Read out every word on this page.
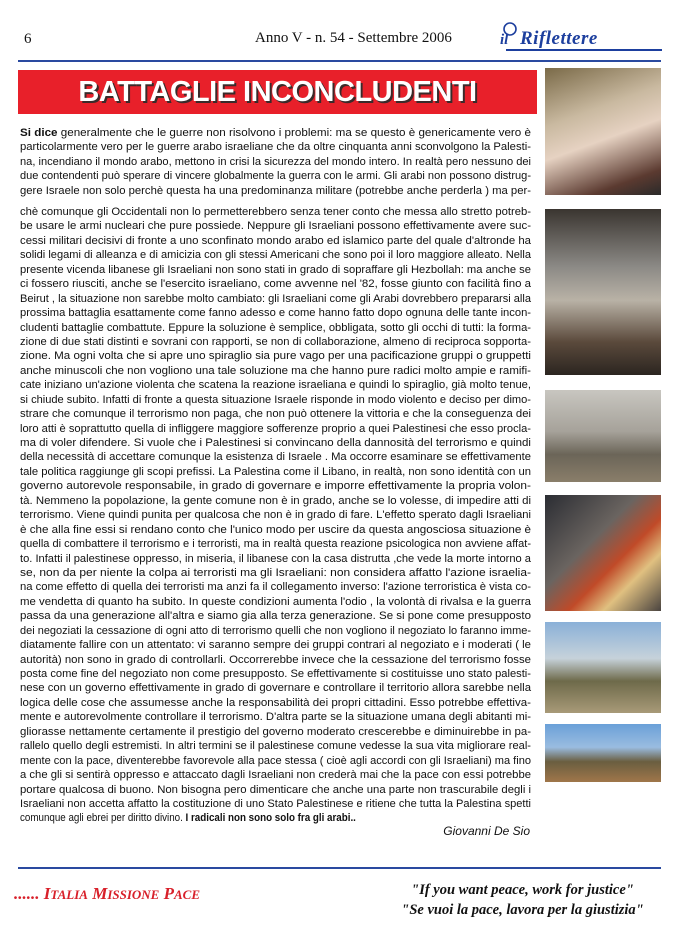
6	Anno V - n. 54 - Settembre 2006	il Riflettere
BATTAGLIE INCONCLUDENTI
Si dice generalmente che le guerre non risolvono i problemi: ma se questo è genericamente vero è
particolarmente vero per le guerre arabo israeliane che da oltre cinquanta anni sconvolgono la Palesti-
na, incendiano il mondo arabo, mettono in crisi la sicurezza del mondo intero. In realtà pero nessuno dei
due contendenti può sperare di vincere globalmente la guerra con le armi. Gli arabi non possono distrug-
gere Israele non solo perchè questa ha una predominanza militare (potrebbe anche perderla ) ma per-
chè comunque gli Occidentali non lo permetterebbero senza tener conto che messa allo stretto potreb-
be usare le armi nucleari che pure possiede. Neppure gli Israeliani possono effettivamente avere suc-
cessi militari decisivi di fronte a uno sconfinato mondo arabo ed islamico parte del quale d'altronde ha
solidi legami di alleanza e di amicizia con gli stessi Americani che sono poi il loro maggiore alleato. Nella
presente vicenda libanese gli Israeliani non sono stati in grado di sopraffare gli Hezbollah: ma anche se
ci fossero riusciti, anche se l'esercito israeliano, come avvenne nel '82, fosse giunto con facilità fino a
Beirut , la situazione non sarebbe molto cambiato: gli Israeliani come gli Arabi dovrebbero prepararsi alla
prossima battaglia esattamente come fanno adesso e come hanno fatto dopo ognuna delle tante incon-
cludenti battaglie combattute. Eppure la soluzione è semplice, obbligata, sotto gli occhi di tutti: la forma-
zione di due stati distinti e sovrani con rapporti, se non di collaborazione, almeno di reciproca sopporta-
zione. Ma ogni volta che si apre uno spiraglio sia pure vago per una pacificazione gruppi o gruppetti
anche minuscoli che non vogliono una tale soluzione ma che hanno pure radici molto ampie e ramifi-
cate iniziano un'azione violenta che scatena la reazione israeliana e quindi lo spiraglio, già molto tenue,
si chiude subito. Infatti di fronte a questa situazione Israele risponde in modo violento e deciso per dimo-
strare che comunque il terrorismo non paga, che non può ottenere la vittoria e che la conseguenza dei
loro atti è soprattutto quella di infliggere maggiore sofferenze proprio a quei Palestinesi che esso procla-
ma di voler difendere. Si vuole che i Palestinesi si convincano della dannosità del terrorismo e quindi
della necessità di accettare comunque la esistenza di Israele . Ma occorre esaminare se effettivamente
tale politica raggiunge gli scopi prefissi. La Palestina come il Libano, in realtà, non sono identità con un
governo autorevole responsabile, in grado di governare e imporre effettivamente la propria volon-
tà. Nemmeno la popolazione, la gente comune non è in grado, anche se lo volesse, di impedire atti di
terrorismo. Viene quindi punita per qualcosa che non è in grado di fare. L'effetto sperato dagli Israeliani
è che alla fine essi si rendano conto che l'unico modo per uscire da questa angosciosa situazione è
quella di combattere il terrorismo e i terroristi, ma in realtà questa reazione psicologica non avviene affat-
to. Infatti il palestinese oppresso, in miseria, il libanese con la casa distrutta ,che vede la morte intorno a
se, non da per niente la colpa ai terroristi ma gli Israeliani: non considera affatto l'azione israelia-
na come effetto di quella dei terroristi ma anzi fa il collegamento inverso: l'azione terroristica è vista co-
me vendetta di quanto ha subito. In queste condizioni aumenta l'odio , la volontà di rivalsa e la guerra
passa da una generazione all'altra e siamo gia alla terza generazione. Se si pone come presupposto
dei negoziati la cessazione di ogni atto di terrorismo quelli che non vogliono il negoziato lo faranno imme-
diatamente fallire con un attentato: vi saranno sempre dei gruppi contrari al negoziato e i moderati ( le
autorità) non sono in grado di controllarli. Occorrerebbe invece che la cessazione del terrorismo fosse
posta come fine del negoziato non come presupposto. Se effettivamente si costituisse uno stato palesti-
nese con un governo effettivamente in grado di governare e controllare il territorio allora sarebbe nella
logica delle cose che assumesse anche la responsabilità dei propri cittadini. Esso potrebbe effettiva-
mente e autorevolmente controllare il terrorismo. D'altra parte se la situazione umana degli abitanti mi-
gliorasse nettamente certamente il prestigio del governo moderato crescerebbe e diminuirebbe in pa-
rallelo quello degli estremisti. In altri termini se il palestinese comune vedesse la sua vita migliorare real-
mente con la pace, diventerebbe favorevole alla pace stessa ( cioè agli accordi con gli Israeliani) ma fino
a che gli si sentirà oppresso e attaccato dagli Israeliani non crederà mai che la pace con essi potrebbe
portare qualcosa di buono. Non bisogna pero dimenticare che anche una parte non trascurabile degli i
Israeliani non accetta affatto la costituzione di uno Stato Palestinese e ritiene che tutta la Palestina spetti
comunque agli ebrei per diritto divino. I radicali non sono solo fra gli arabi..
Giovanni De Sio
...... ITALIA MISSIONE PACE	"If you want peace, work for justice"
"Se vuoi la pace, lavora per la giustizia"
